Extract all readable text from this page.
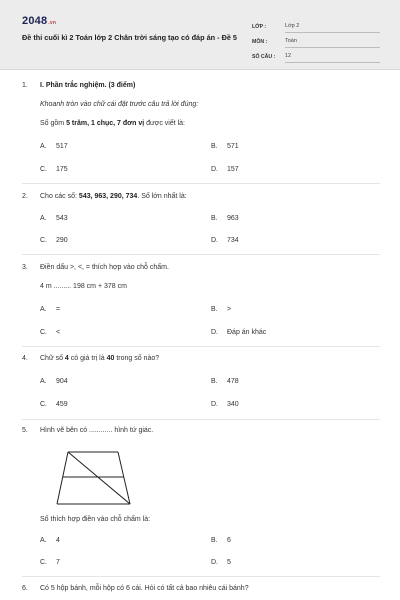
2048.vn
Đề thi cuối kì 2 Toán lớp 2 Chân trời sáng tạo có đáp án - Đề 5
LỚP :	Lớp 2
MÔN :	Toán
SỐ CÂU :	12
1. I. Phần trắc nghiệm. (3 điểm)
Khoanh tròn vào chữ cái đặt trước câu trả lời đúng:
Số gồm 5 trăm, 1 chục, 7 đơn vị được viết là:
A. 517	B. 571
C. 175	D. 157
2. Cho các số: 543, 963, 290, 734. Số lớn nhất là:
A. 543	B. 963
C. 290	D. 734
3. Điền dấu >, <, = thích hợp vào chỗ chấm.
4 m ......... 198 cm + 378 cm
A. =	B. >
C. <	D. Đáp án khác
4. Chữ số 4 có giá trị là 40 trong số nào?
A. 904	B. 478
C. 459	D. 340
5. Hình vẽ bên có ............ hình tứ giác.
Số thích hợp điền vào chỗ chấm là:
A. 4	B. 6
C. 7	D. 5
6. Có 5 hộp bánh, mỗi hộp có 6 cái. Hỏi có tất cả bao nhiêu cái bánh?
